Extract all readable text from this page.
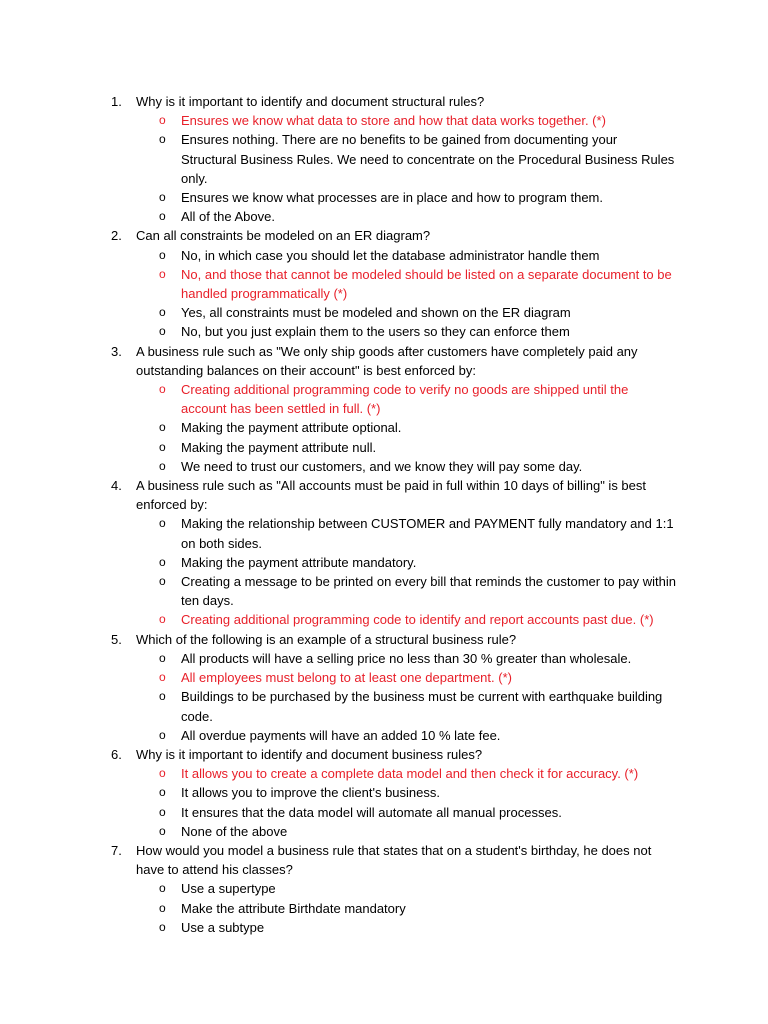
1.	Why is it important to identify and document structural rules?
o Ensures we know what data to store and how that data works together. (*)
o Ensures nothing. There are no benefits to be gained from documenting your Structural Business Rules. We need to concentrate on the Procedural Business Rules only.
o Ensures we know what processes are in place and how to program them.
o All of the Above.
2.	Can all constraints be modeled on an ER diagram?
o No, in which case you should let the database administrator handle them
o No, and those that cannot be modeled should be listed on a separate document to be handled programmatically (*)
o Yes, all constraints must be modeled and shown on the ER diagram
o No, but you just explain them to the users so they can enforce them
3.	A business rule such as "We only ship goods after customers have completely paid any outstanding balances on their account" is best enforced by:
o Creating additional programming code to verify no goods are shipped until the account has been settled in full. (*)
o Making the payment attribute optional.
o Making the payment attribute null.
o We need to trust our customers, and we know they will pay some day.
4.	A business rule such as "All accounts must be paid in full within 10 days of billing" is best enforced by:
o Making the relationship between CUSTOMER and PAYMENT fully mandatory and 1:1 on both sides.
o Making the payment attribute mandatory.
o Creating a message to be printed on every bill that reminds the customer to pay within ten days.
o Creating additional programming code to identify and report accounts past due. (*)
5.	Which of the following is an example of a structural business rule?
o All products will have a selling price no less than 30 % greater than wholesale.
o All employees must belong to at least one department. (*)
o Buildings to be purchased by the business must be current with earthquake building code.
o All overdue payments will have an added 10 % late fee.
6.	Why is it important to identify and document business rules?
o It allows you to create a complete data model and then check it for accuracy. (*)
o It allows you to improve the client's business.
o It ensures that the data model will automate all manual processes.
o None of the above
7.	How would you model a business rule that states that on a student's birthday, he does not have to attend his classes?
o Use a supertype
o Make the attribute Birthdate mandatory
o Use a subtype
